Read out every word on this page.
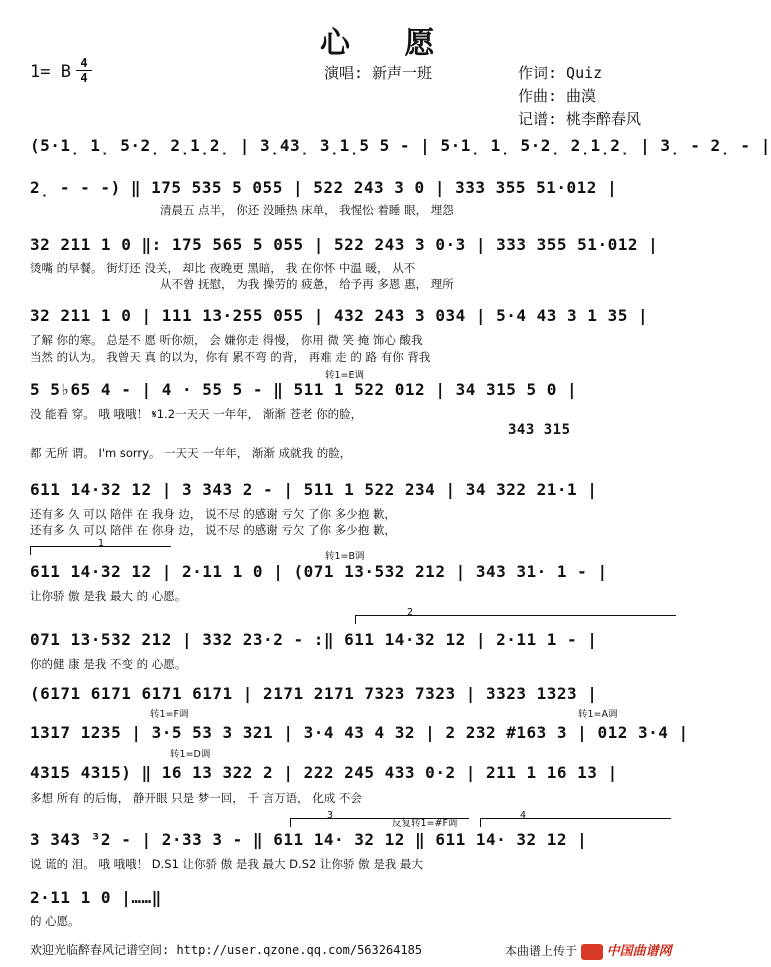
心 愿
1= B 4
4	演唱: 新声一班	作词: Quiz
作曲: 曲漠
记谱: 桃李醉春风
(5·1̣ 1̣ 5·2̣ 2̣1̣2̣ | 3̣43̣ 3̣1̣5 5 - | 5·1̣ 1̣ 5·2̣ 2̣1̣2̣ | 3̣ - 2̣ - |
2̣ - - -) ‖ 175 535 5 055 | 522 243 3 0 | 333 355 51·012 |
清晨五 点半， 你还 没睡热 床单， 我惺忪 着睡 眼， 埋怨
32 211 1 0 ‖: 175 565 5 055 | 522 243 3 0·3 | 333 355 51·012 |
烫嘴 的早餐。 街灯还 没关， 却比 夜晚更 黑暗， 我 在你怀 中温 暖， 从不
从不曾 抚慰， 为我 操劳的 疲惫， 给予再 多恩 惠， 理所
32 211 1 0 | 111 13·255 055 | 432 243 3 034 | 5·4 43 3 1 35 |
了解 你的寒。 总是不 愿 听你烦， 会 嫌你走 得慢， 你用 微 笑 掩 饰心 酸我
当然 的认为。 我曾天 真 的以为，你有 累不弯 的背， 再难 走 的 路 有你 背我
转1=E调
5 5♭65 4 - | 4 · 55 5 - ‖ 511 1 522 012 | 34 315 5 0 |
没 能看 穿。 哦 哦哦！ 𝄋1.2一天天 一年年， 渐渐 苍老 你的脸，
343 315
都 无所 谓。 I'm sorry。 一天天 一年年， 渐渐 成就我 的脸，
611 14·32 12 | 3 343 2 - | 511 1 522 234 | 34 322 21·1 |
还有多 久 可以 陪伴 在 我身 边， 说不尽 的感谢 亏欠 了你 多少抱 歉，
还有多 久 可以 陪伴 在 你身 边， 说不尽 的感谢 亏欠 了你 多少抱 歉，
1
转1=B调
611 14·32 12 | 2·11 1 0 | (071 13·532 212 | 343 31· 1 - |
让你骄 傲 是我 最大 的 心愿。
2
071 13·532 212 | 332 23·2 - :‖ 611 14·32 12 | 2·11 1 - |
你的健 康 是我 不变 的 心愿。
(6171 6171 6171 6171 | 2171 2171 7323 7323 | 3323 1323 |
转1=F调	转1=A调
1317 1235 | 3·5 53 3 321 | 3·4 43 4 32 | 2 232 #163 3 | 012 3·4 |
转1=D调
4315 4315) ‖ 16 13 322 2 | 222 245 433 0·2 | 211 1 16 13 |
多想 所有 的后悔， 静开眼 只是 梦一回， 千 言万语， 化成 不会
3
反复转1=#F调
4
3 343 ³2 - | 2·33 3 - ‖ 611 14· 32 12 ‖ 611 14· 32 12 |
说 谎的 泪。 哦 哦哦！ D.S1 让你骄 傲 是我 最大 D.S2 让你骄 傲 是我 最大
2·11 1 0 |……‖
的 心愿。
欢迎光临醉春风记谱空间: http://user.qzone.qq.com/563264185	本曲谱上传于 中国曲谱网
